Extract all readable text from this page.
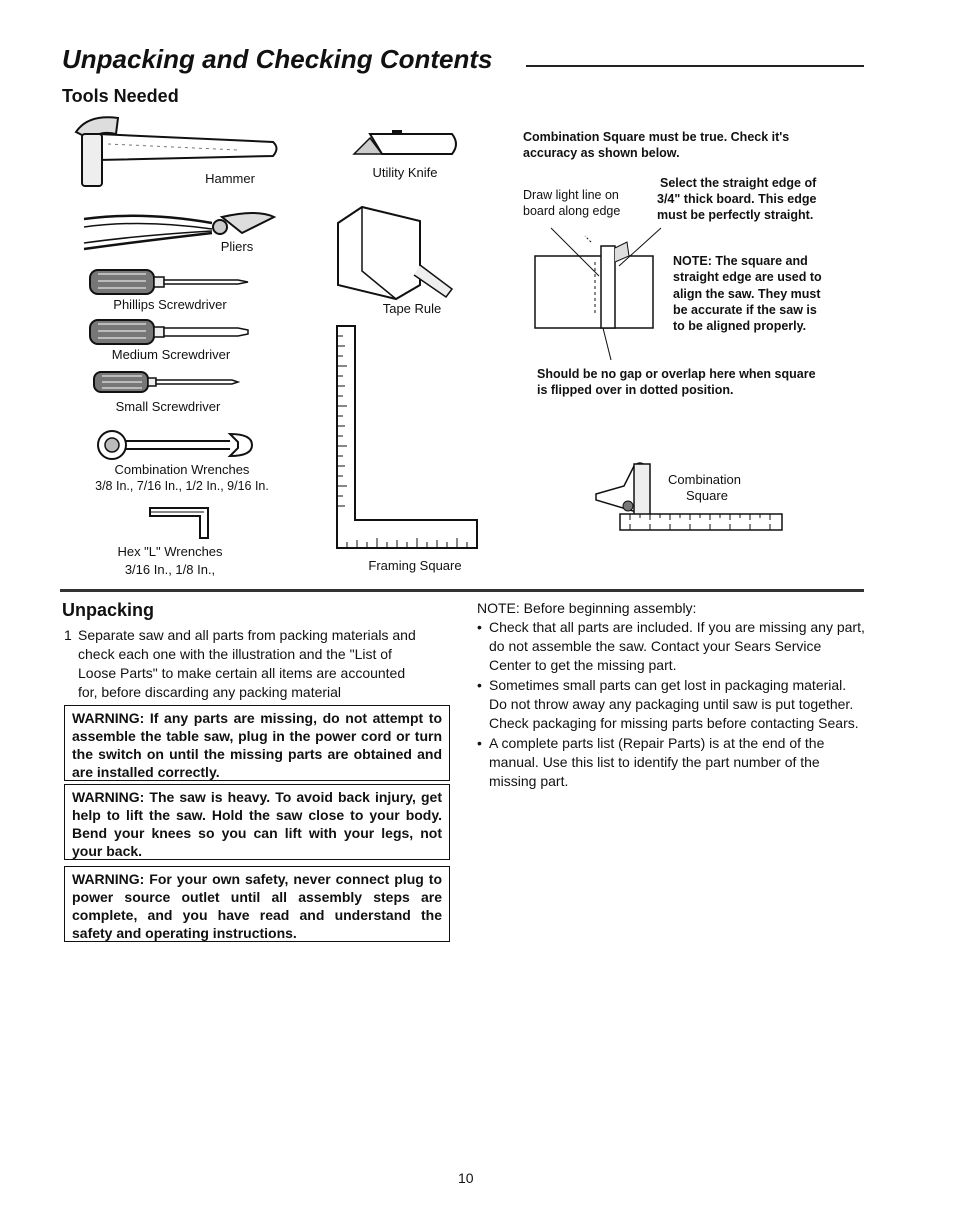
Unpacking and Checking Contents
Tools Needed
Hammer	Utility Knife
Pliers
Tape Rule
Phillips Screwdriver
Medium Screwdriver
Small Screwdriver
Combination Wrenches
3/8 In., 7/16 In., 1/2 In., 9/16 In.
Hex "L" Wrenches
3/16 In., 1/8 In.,	Framing Square
Combination Square must be true. Check it's
accuracy as shown below.
Select the straight edge of
3/4" thick board. This edge
must be perfectly straight.
Draw light line on
board along edge
NOTE: The square and
straight edge are used to
align the saw. They must
be accurate if the saw is
to be aligned properly.
Should be no gap or overlap here when square
is flipped over in dotted position.
Combination
Square
Unpacking
1 Separate saw and all parts from packing materials and
check each one with the illustration and the "List of
Loose Parts" to make certain all items are accounted
for, before discarding any packing material
WARNING: If any parts are missing, do not attempt to assemble the table saw, plug in the power cord or turn the switch on until the missing parts are obtained and are installed correctly.
WARNING: The saw is heavy. To avoid back injury, get help to lift the saw. Hold the saw close to your body. Bend your knees so you can lift with your legs, not your back.
WARNING: For your own safety, never connect plug to power source outlet until all assembly steps are complete, and you have read and understand the safety and operating instructions.
NOTE: Before beginning assembly:
• Check that all parts are included. If you are missing any part, do not assemble the saw. Contact your Sears Service Center to get the missing part.
• Sometimes small parts can get lost in packaging material. Do not throw away any packaging until saw is put together. Check packaging for missing parts before contacting Sears.
• A complete parts list (Repair Parts) is at the end of the manual. Use this list to identify the part number of the missing part.
10
